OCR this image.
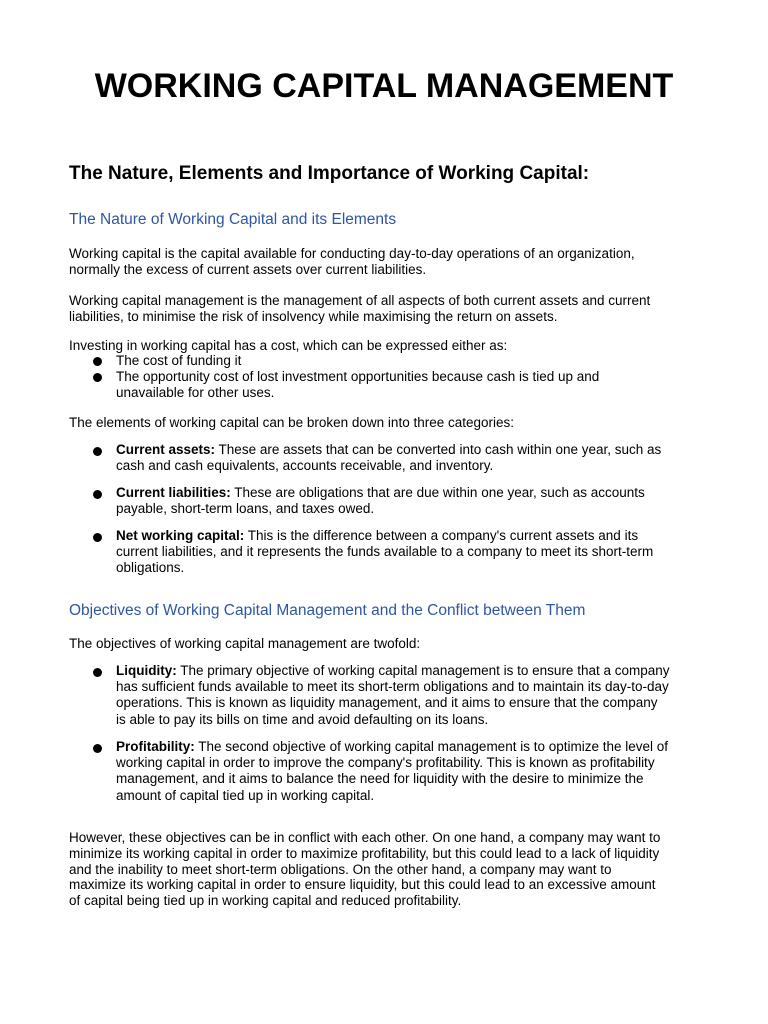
WORKING CAPITAL MANAGEMENT
The Nature, Elements and Importance of Working Capital:
The Nature of Working Capital and its Elements
Working capital is the capital available for conducting day-to-day operations of an organization,
normally the excess of current assets over current liabilities.
Working capital management is the management of all aspects of both current assets and current
liabilities, to minimise the risk of insolvency while maximising the return on assets.
Investing in working capital has a cost, which can be expressed either as:
The cost of funding it
The opportunity cost of lost investment opportunities because cash is tied up and
unavailable for other uses.
The elements of working capital can be broken down into three categories:
Current assets: These are assets that can be converted into cash within one year, such as
cash and cash equivalents, accounts receivable, and inventory.
Current liabilities: These are obligations that are due within one year, such as accounts
payable, short-term loans, and taxes owed.
Net working capital: This is the difference between a company's current assets and its
current liabilities, and it represents the funds available to a company to meet its short-term
obligations.
Objectives of Working Capital Management and the Conflict between Them
The objectives of working capital management are twofold:
Liquidity: The primary objective of working capital management is to ensure that a company
has sufficient funds available to meet its short-term obligations and to maintain its day-to-day
operations. This is known as liquidity management, and it aims to ensure that the company
is able to pay its bills on time and avoid defaulting on its loans.
Profitability: The second objective of working capital management is to optimize the level of
working capital in order to improve the company's profitability. This is known as profitability
management, and it aims to balance the need for liquidity with the desire to minimize the
amount of capital tied up in working capital.
However, these objectives can be in conflict with each other. On one hand, a company may want to
minimize its working capital in order to maximize profitability, but this could lead to a lack of liquidity
and the inability to meet short-term obligations. On the other hand, a company may want to
maximize its working capital in order to ensure liquidity, but this could lead to an excessive amount
of capital being tied up in working capital and reduced profitability.
